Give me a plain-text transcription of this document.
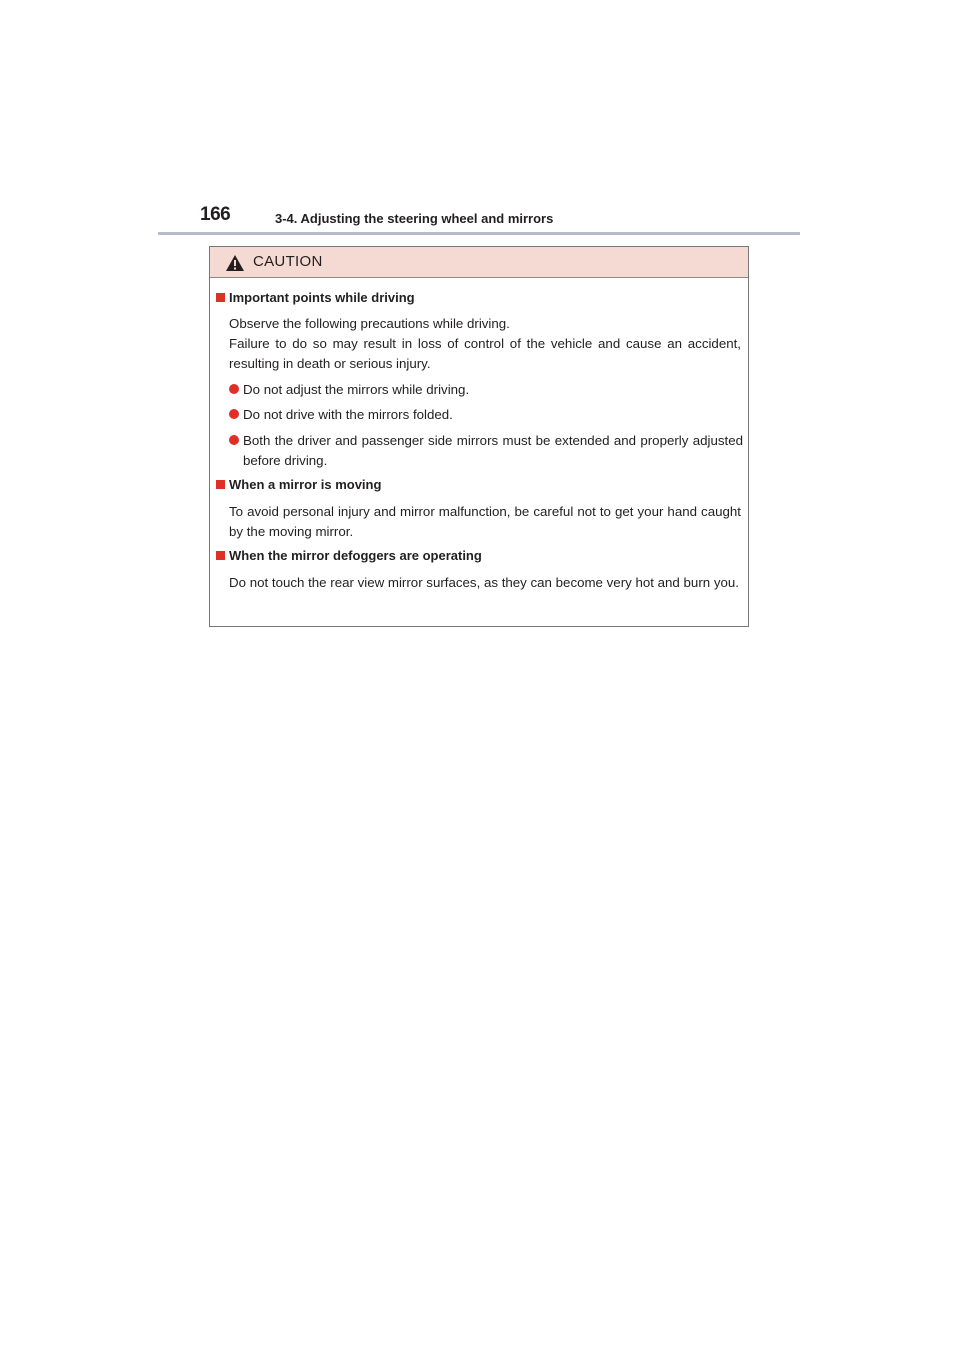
166	3-4. Adjusting the steering wheel and mirrors
CAUTION
Important points while driving
Observe the following precautions while driving.
Failure to do so may result in loss of control of the vehicle and cause an accident, resulting in death or serious injury.
Do not adjust the mirrors while driving.
Do not drive with the mirrors folded.
Both the driver and passenger side mirrors must be extended and properly adjusted before driving.
When a mirror is moving
To avoid personal injury and mirror malfunction, be careful not to get your hand caught by the moving mirror.
When the mirror defoggers are operating
Do not touch the rear view mirror surfaces, as they can become very hot and burn you.
